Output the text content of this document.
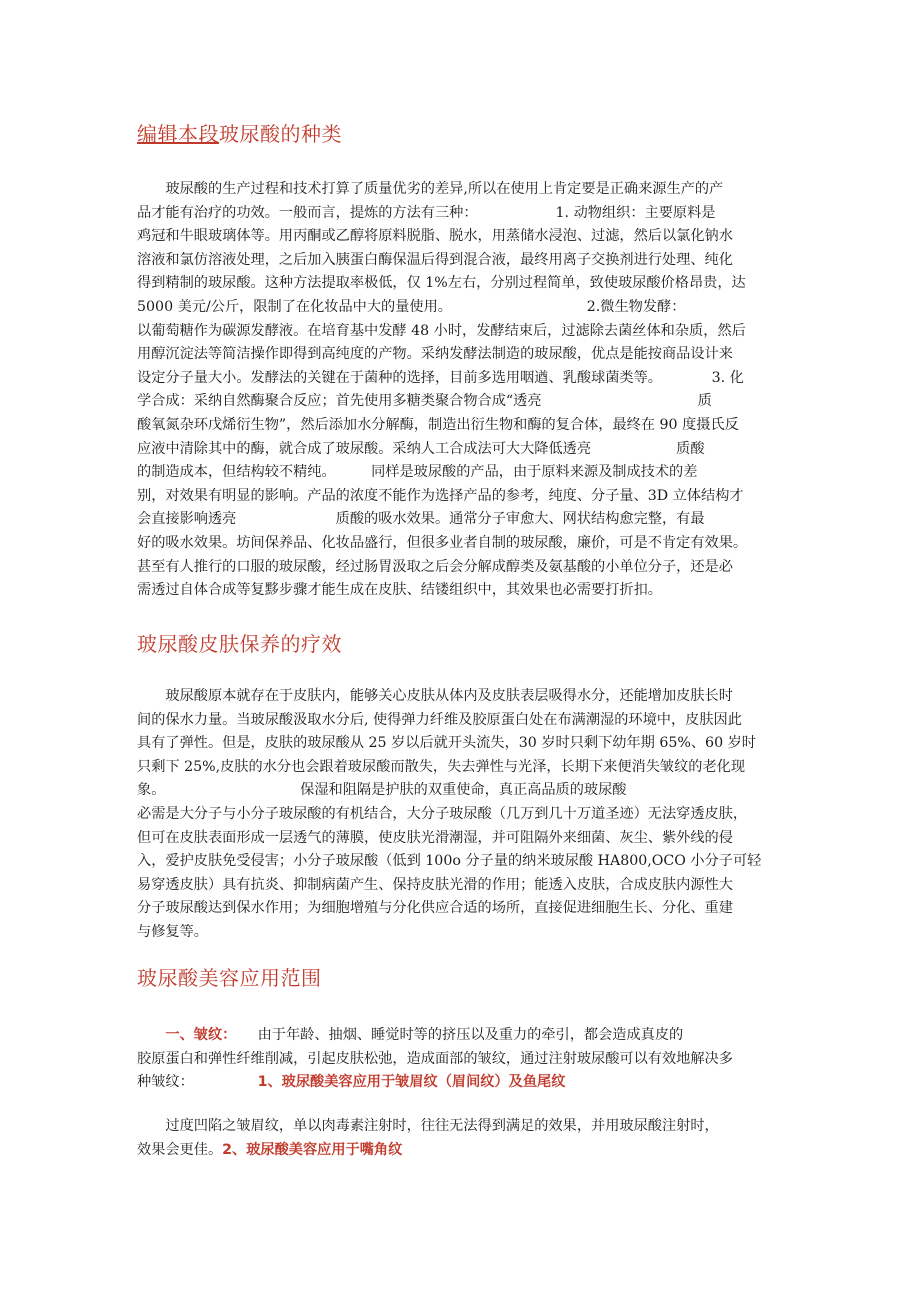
编辑本段玻尿酸的种类
　　玻尿酸的生产过程和技术打算了质量优劣的差异,所以在使用上肯定要是正确来源生产的产
品才能有治疗的功效。一般而言，提炼的方法有三种：　　　　　　1. 动物组织：主要原料是
鸡冠和牛眼玻璃体等。用丙酮或乙醇将原料脱脂、脱水，用蒸储水浸泡、过滤，然后以氯化钠水
溶液和氯仿溶液处理，之后加入胰蛋白酶保温后得到混合液，最终用离子交换剂进行处理、纯化
得到精制的玻尿酸。这种方法提取率极低，仅 1%左右，分别过程简单，致使玻尿酸价格昂贵，达
5000 美元/公斤，限制了在化妆品中大的量使用。　　　　　　　　　　2.微生物发酵：
以葡萄糖作为碳源发酵液。在培育基中发酵 48 小时，发酵结束后，过滤除去菌丝体和杂质，然后
用醇沉淀法等简洁操作即得到高纯度的产物。采纳发酵法制造的玻尿酸，优点是能按商品设计来
设定分子量大小。发酵法的关键在于菌种的选择，目前多选用咽遒、乳酸球菌类等。　　　　3. 化
学合成：采纳自然酶聚合反应；首先使用多糖类聚合物合成“透亮　　　　　　　　　　　质
酸氧氮杂环戊烯衍生物”，然后添加水分解酶，制造出衍生物和酶的复合体，最终在 90 度摄氏反
应液中清除其中的酶，就合成了玻尿酸。采纳人工合成法可大大降低透亮　　　　　　质酸
的制造成本，但结构较不精纯。　　　同样是玻尿酸的产品，由于原料来源及制成技术的差
别，对效果有明显的影响。产品的浓度不能作为选择产品的参考，纯度、分子量、3D 立体结构才
会直接影响透亮　　　　　　　质酸的吸水效果。通常分子审愈大、网状结构愈完整，有最
好的吸水效果。坊间保养品、化妆品盛行，但很多业者自制的玻尿酸，廉价，可是不肯定有效果。
甚至有人推行的口服的玻尿酸，经过肠胃汲取之后会分解成醇类及氨基酸的小单位分子，还是必
需透过自体合成等复黟步骤才能生成在皮肤、结镂组织中，其效果也必需要打折扣。
玻尿酸皮肤保养的疗效
　　玻尿酸原本就存在于皮肤内，能够关心皮肤从体内及皮肤表层吸得水分，还能增加皮肤长时
间的保水力量。当玻尿酸汲取水分后, 使得弹力纤维及胶原蛋白处在布满潮湿的环境中，皮肤因此
具有了弹性。但是，皮肤的玻尿酸从 25 岁以后就开头流失，30 岁时只剩下幼年期 65%、60 岁时
只剩下 25%,皮肤的水分也会跟着玻尿酸而散失，失去弹性与光泽，长期下来便消失皱纹的老化现
象。　　　　　　　　　　保湿和阻隔是护肤的双重使命，真正高品质的玻尿酸
必需是大分子与小分子玻尿酸的有机结合，大分子玻尿酸（几万到几十万道圣迹）无法穿透皮肤，
但可在皮肤表面形成一层透气的薄膜，使皮肤光滑潮湿，并可阻隔外来细菌、灰尘、紫外线的侵
入，爱护皮肤免受侵害；小分子玻尿酸（低到 100o 分子量的纳米玻尿酸 HA800,OCO 小分子可轻
易穿透皮肤）具有抗炎、抑制病菌产生、保持皮肤光滑的作用；能透入皮肤，合成皮肤内源性大
分子玻尿酸达到保水作用；为细胞增殖与分化供应合适的场所，直接促进细胞生长、分化、重建
与修复等。
玻尿酸美容应用范围
　　一、皱纹：　　由于年龄、抽烟、睡觉时等的挤压以及重力的牵引，都会造成真皮的
胶原蛋白和弹性纤维削减，引起皮肤松弛，造成面部的皱纹，通过注射玻尿酸可以有效地解决多
种皱纹：　　　　　1、玻尿酸美容应用于皱眉纹（眉间纹）及鱼尾纹
　　过度凹陷之皱眉纹，单以肉毒素注射时，往往无法得到满足的效果，并用玻尿酸注射时，
效果会更佳。2、玻尿酸美容应用于嘴角纹
